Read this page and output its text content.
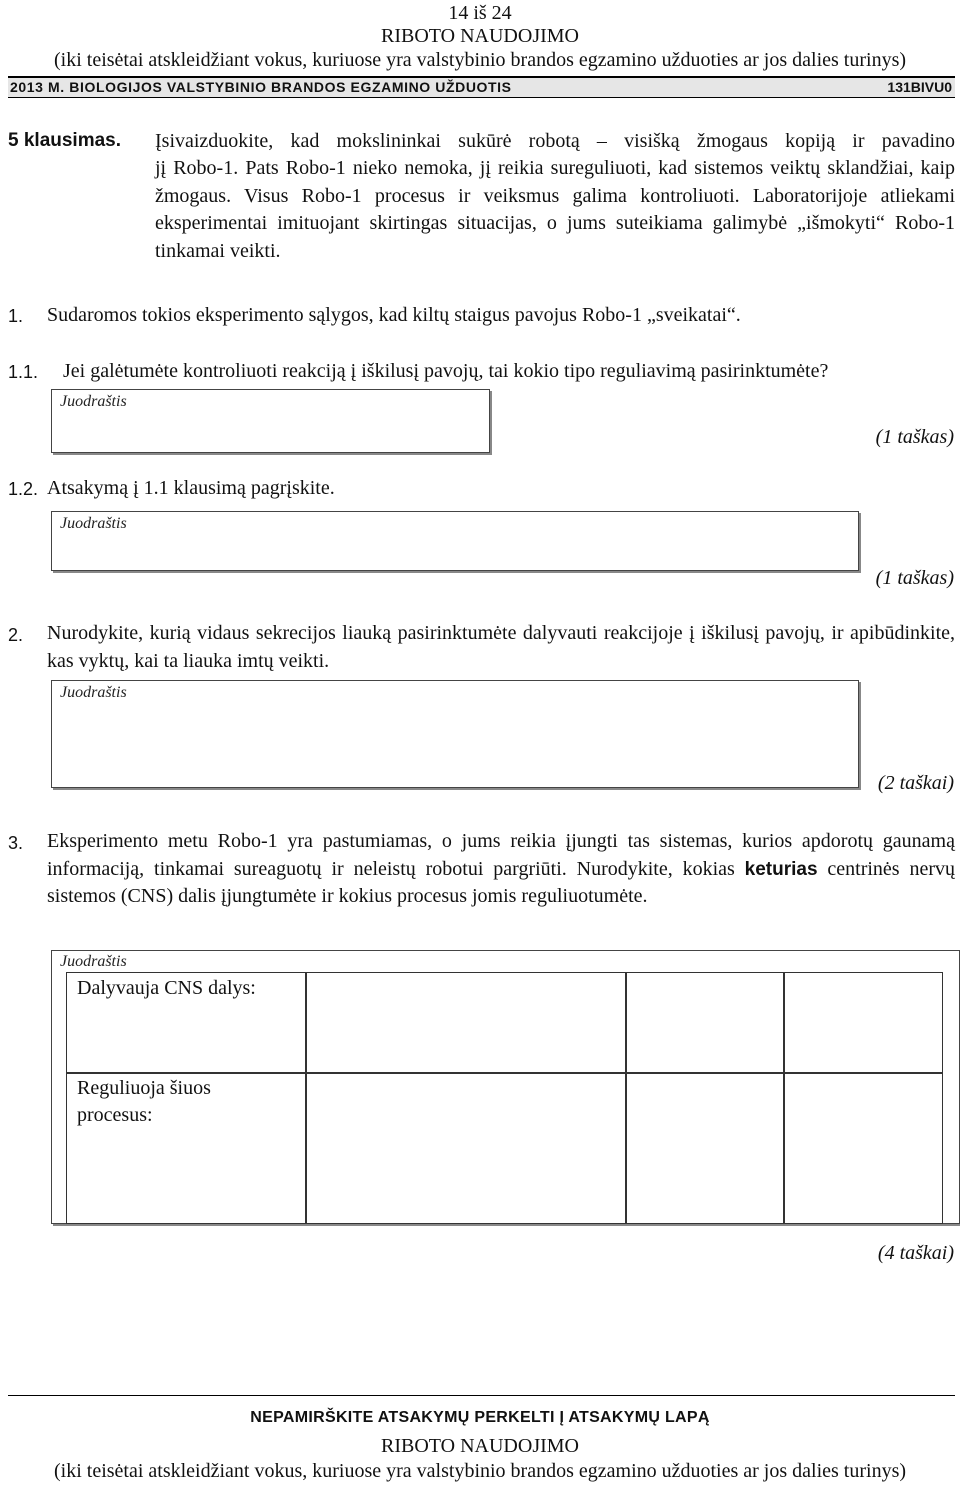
14 iš 24
RIBOTO NAUDOJIMO
(iki teisėtai atskleidžiant vokus, kuriuose yra valstybinio brandos egzamino užduoties ar jos dalies turinys)
2013 M. BIOLOGIJOS VALSTYBINIO BRANDOS EGZAMINO UŽDUOTIS	131BIVU0
5 klausimas. Įsivaizduokite, kad mokslininkai sukūrė robotą – visišką žmogaus kopiją ir pavadino
jį Robo-1. Pats Robo-1 nieko nemoka, jį reikia sureguliuoti, kad sistemos veiktų sklandžiai, kaip žmogaus. Visus Robo-1 procesus ir veiksmus galima kontroliuoti. Laboratorijoje atliekami eksperimentai imituojant skirtingas situacijas, o jums suteikiama galimybė „išmokyti“ Robo-1 tinkamai veikti.
1. Sudaromos tokios eksperimento sąlygos, kad kiltų staigus pavojus Robo-1 „sveikatai“.
1.1. Jei galėtumėte kontroliuoti reakciją į iškilusį pavojų, tai kokio tipo reguliavimą pasirinktumėte?
Juodraštis
(1 taškas)
1.2. Atsakymą į 1.1 klausimą pagrįskite.
Juodraštis
(1 taškas)
2. Nurodykite, kurią vidaus sekrecijos liauką pasirinktumėte dalyvauti reakcijoje į iškilusį pavojų, ir apibūdinkite, kas vyktų, kai ta liauka imtų veikti.
Juodraštis
(2 taškai)
3. Eksperimento metu Robo-1 yra pastumiamas, o jums reikia įjungti tas sistemas, kurios apdorotų gaunamą informaciją, tinkamai sureaguotų ir neleistų robotui pargriūti. Nurodykite, kokias keturias centrinės nervų sistemos (CNS) dalis įjungtumėte ir kokius procesus jomis reguliuotumėte.
Juodraštis
Dalyvauja CNS dalys:
Reguliuoja šiuos procesus:
(4 taškai)
NEPAMIRŠKITE ATSAKYMŲ PERKELTI Į ATSAKYMŲ LAPĄ
RIBOTO NAUDOJIMO
(iki teisėtai atskleidžiant vokus, kuriuose yra valstybinio brandos egzamino užduoties ar jos dalies turinys)
